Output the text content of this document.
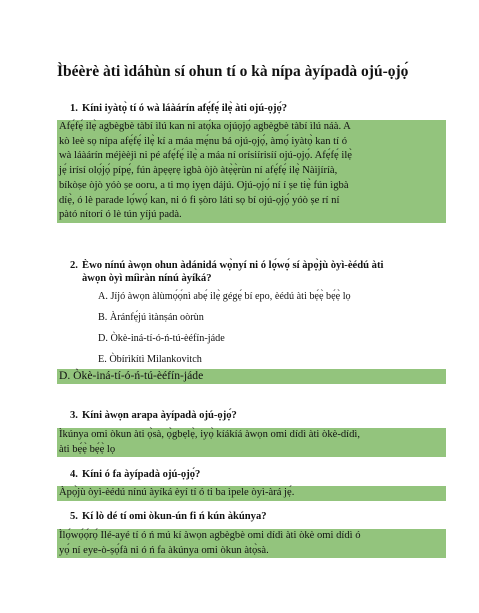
Ìbéèrè àti ìdáhùn sí ohun tí o kà nípa àyípadà ojú-ọjọ́
1. Kíni iyàtọ̀ tí ó wà láàárín afẹ́fẹ́ ilẹ̀ àti ojú-ọjọ́?
Afẹ́fẹ́ ilẹ̀ agbègbè tàbí ìlú kan ni atọ́ka ojúọjọ́ agbègbè tàbí ìlú náà. A
kò leè sọ nípa afẹ́fẹ́ ilẹ̀ kí a máa mẹ́nu bá ojú-ọjọ́, àmọ́ iyàtọ̀ kan tí ó
wà láàárín méjèèjì ni pé afẹ́fẹ́ ilẹ̀ a máa ní orísiírisíí ojú-ọjọ́. Afẹ́fẹ́ ilẹ̀
jẹ́ irísí olọ́jọ́ pípẹ́, fún àpẹẹrẹ ìgbà òjò àtẹ̀ẹ̀rùn ní afẹ́fẹ́ ilẹ̀ Nàìjíríà,
bíkòṣe òjò yóò ṣe ooru, a ti mọ iyẹn dájú. Ojú-ọjọ́ ní í ṣe tiẹ̀ fún ìgbà
díẹ̀, ó lè parade lọ́wọ́ kan, ni ó fi ṣòro láti sọ bí ojú-ọjọ́ yóò ṣe rí ní
pàtó nítorí ó lè tún yíjú padà.
2. Èwo nínú àwọn ohun àdánidá wọ̀nyí ni ó lọ́wọ́ sí àpọ̀jù òyì-èédú àti
àwọn òyì míìràn nínú àyíká?
A. Jíjó àwọn àlùmọ́ọ́nì abẹ́ ilẹ̀ gégẹ́ bí epo, èédú àti bẹ́ẹ̀ bẹ́ẹ̀ lọ
B. Àránfẹ́jú ìtànṣán oòrùn
D. Òkè-iná-tí-ó-ń-tú-èéfín-jáde
E. Òbírìkítì Milankovitch
D. Òkè-iná-tí-ó-ń-tú-èéfín-jáde
3. Kíni àwọn arapa àyípadà ojú-ọjọ́?
Ìkúnya omi òkun àti ọ̀sà, ọ̀gbẹlẹ̀, iyọ̀ kíákíá àwọn omi dídì àti òkè-dídì,
àti bẹ́ẹ̀ bẹ́ẹ̀ lọ
4. Kíni ó fa àyípadà ojú-ọjọ́?
Àpọ̀jù òyì-èédú nínú àyíká èyí tí ó ti ba ìpele òyì-àrá jẹ́.
5. Kí lò dé tí omi òkun-ún fi ń kún àkúnya?
Ìlọ́wọ́ọ́rọ́ Ilé-ayé tí ó ń mú kí àwọn agbègbè omi dídì àti òkè omi dídì ó
yọ́ ní eye-ò-ṣọ́fà ni ó ń fa àkúnya omi òkun àtọ̀sà.
